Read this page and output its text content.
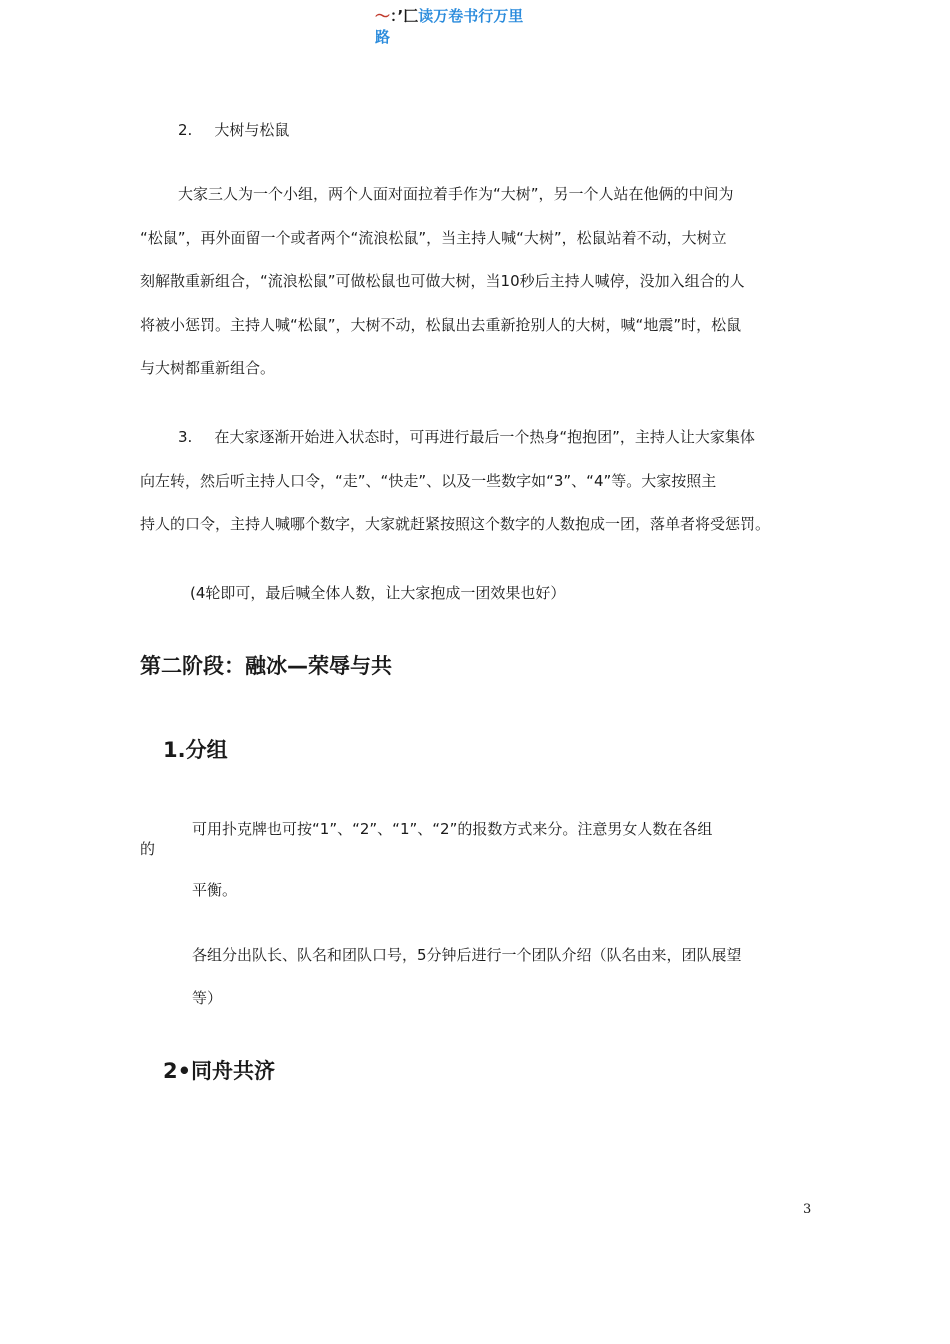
〜：’匚读万卷书行万里
路
2. 大树与松鼠
大家三人为一个小组，两个人面对面拉着手作为“大树”，另一个人站在他俩的中间为
“松鼠”，再外面留一个或者两个“流浪松鼠”，当主持人喊“大树”，松鼠站着不动，大树立
刻解散重新组合，“流浪松鼠”可做松鼠也可做大树，当10秒后主持人喊停，没加入组合的人
将被小惩罚。主持人喊“松鼠”，大树不动，松鼠出去重新抢别人的大树，喊“地震”时，松鼠
与大树都重新组合。
3. 在大家逐渐开始进入状态时，可再进行最后一个热身“抱抱团”，主持人让大家集体
向左转，然后听主持人口令，“走”、“快走”、以及一些数字如“3”、“4”等。大家按照主
持人的口令，主持人喊哪个数字，大家就赶紧按照这个数字的人数抱成一团，落单者将受惩罚。
(4轮即可，最后喊全体人数，让大家抱成一团效果也好）
第二阶段：融冰—荣辱与共
1.分组
可用扑克牌也可按“1”、“2”、“1”、“2”的报数方式来分。注意男女人数在各组
的
平衡。
各组分出队长、队名和团队口号，5分钟后进行一个团队介绍（队名由来，团队展望
等）
2•同舟共济
3
